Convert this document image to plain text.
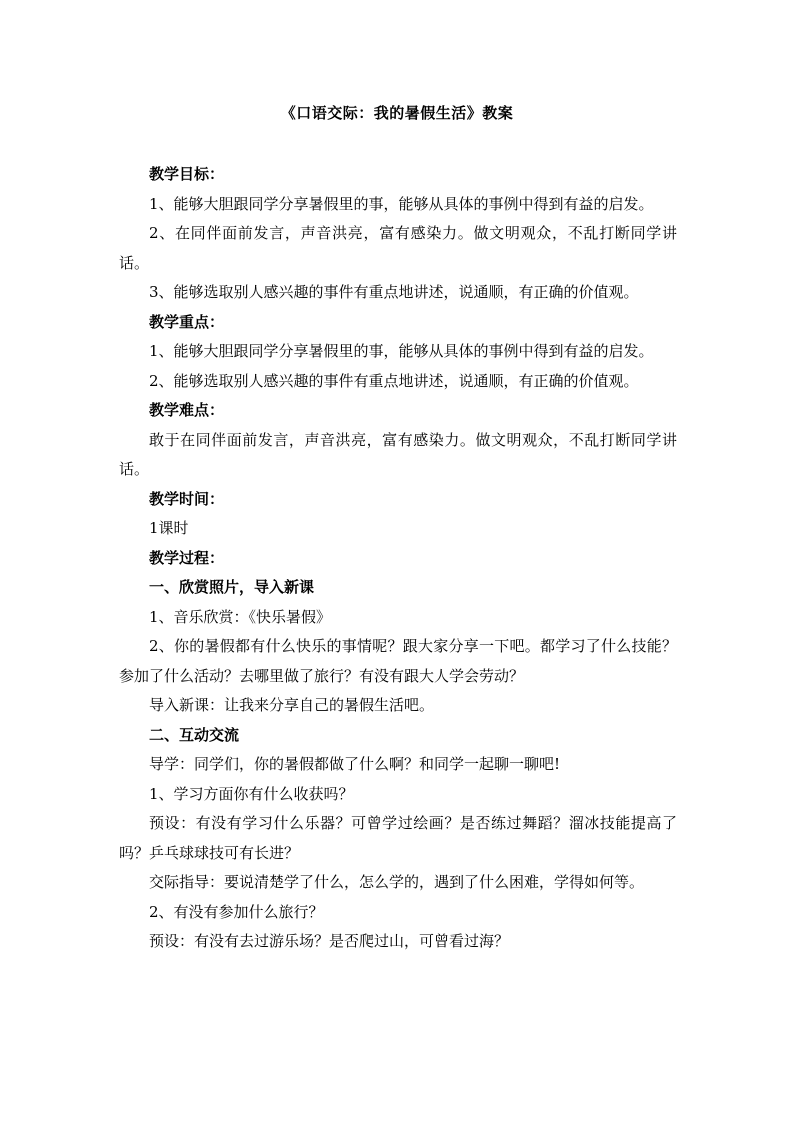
《口语交际：我的暑假生活》教案

教学目标：

1、能够大胆跟同学分享暑假里的事，能够从具体的事例中得到有益的启发。

2、在同伴面前发言，声音洪亮，富有感染力。做文明观众，不乱打断同学讲话。

3、能够选取别人感兴趣的事件有重点地讲述，说通顺，有正确的价值观。

教学重点：

1、能够大胆跟同学分享暑假里的事，能够从具体的事例中得到有益的启发。

2、能够选取别人感兴趣的事件有重点地讲述，说通顺，有正确的价值观。

教学难点：

敢于在同伴面前发言，声音洪亮，富有感染力。做文明观众，不乱打断同学讲话。

教学时间：

1课时

教学过程：

一、欣赏照片，导入新课

1、音乐欣赏：《快乐暑假》

2、你的暑假都有什么快乐的事情呢？跟大家分享一下吧。都学习了什么技能？参加了什么活动？去哪里做了旅行？有没有跟大人学会劳动？

导入新课：让我来分享自己的暑假生活吧。

二、互动交流

导学：同学们，你的暑假都做了什么啊？和同学一起聊一聊吧!

1、学习方面你有什么收获吗？

预设：有没有学习什么乐器？可曾学过绘画？是否练过舞蹈？溜冰技能提高了吗？乒乓球球技可有长进？

交际指导：要说清楚学了什么，怎么学的，遇到了什么困难，学得如何等。

2、有没有参加什么旅行？

预设：有没有去过游乐场？是否爬过山，可曾看过海？
